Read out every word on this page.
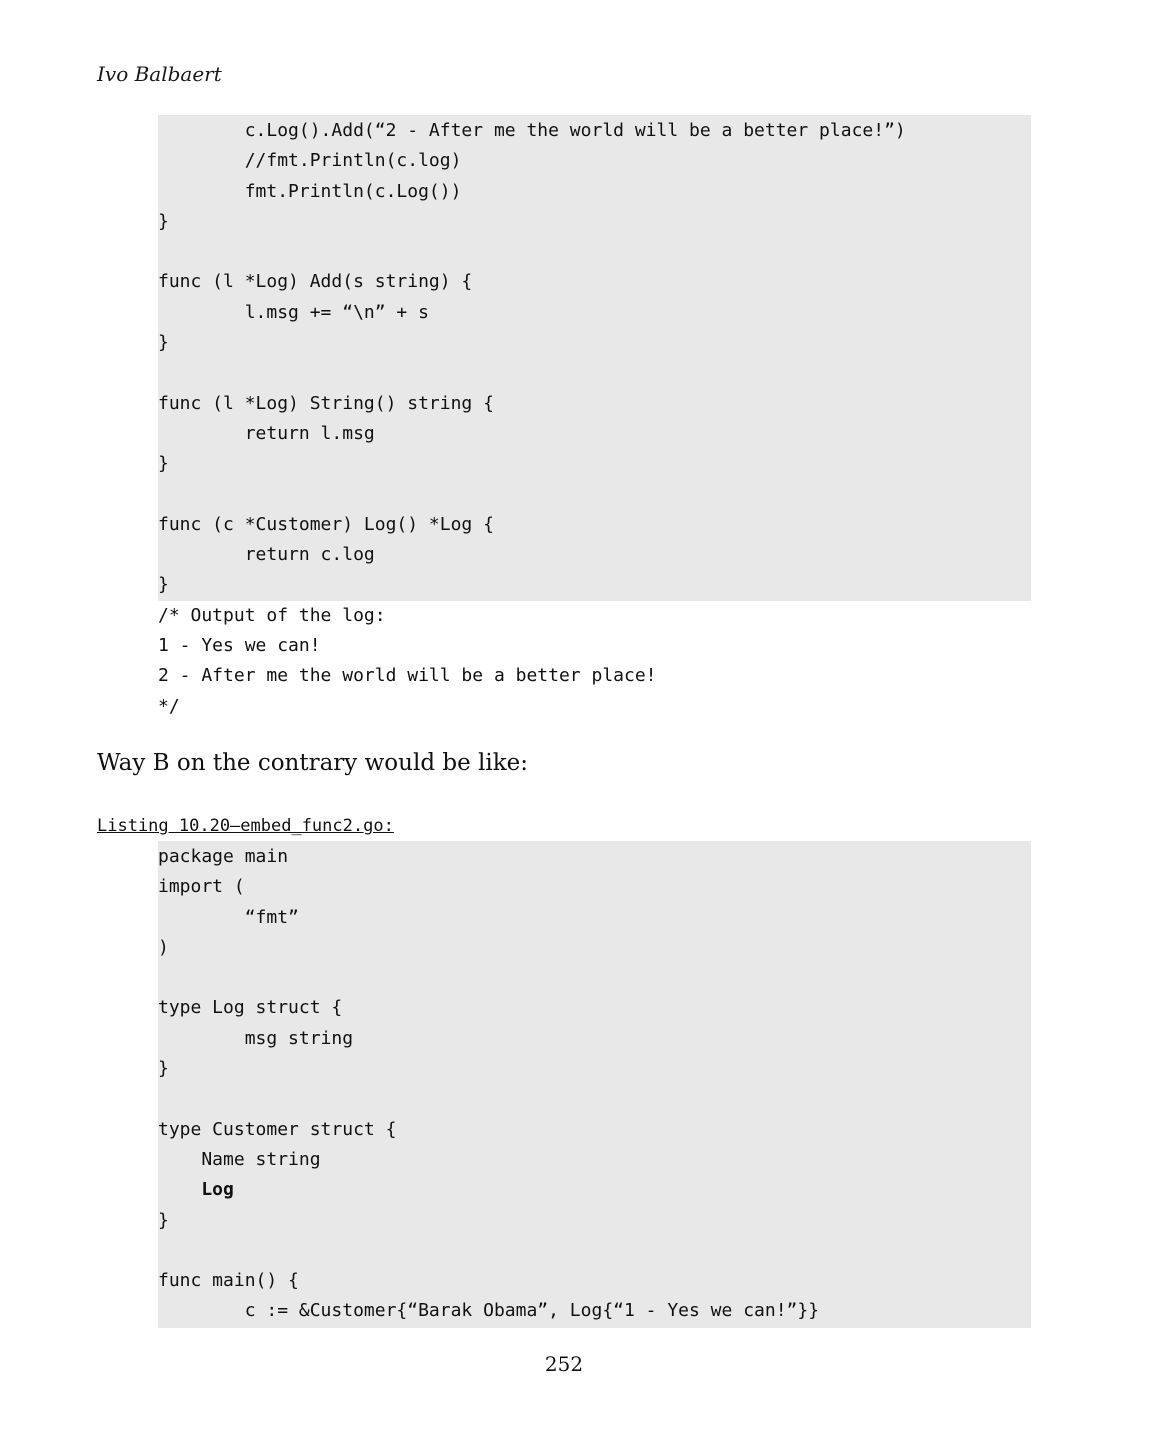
Ivo Balbaert

c.Log().Add(“2 - After me the world will be a better place!”)
//fmt.Println(c.log)
fmt.Println(c.Log())
}
func (l *Log) Add(s string) {
l.msg += “\n” + s
}
func (l *Log) String() string {
return l.msg
}
func (c *Customer) Log() *Log {
return c.log
}
/* Output of the log:
1 - Yes we can!
2 - After me the world will be a better place!
*/

Way B on the contrary would be like:

Listing 10.20—embed_func2.go:

package main
import (
“fmt”
)
type Log struct {
msg string
}
type Customer struct {
Name string
Log
}
func main() {
c := &Customer{“Barak Obama”, Log{“1 - Yes we can!”}}

252
